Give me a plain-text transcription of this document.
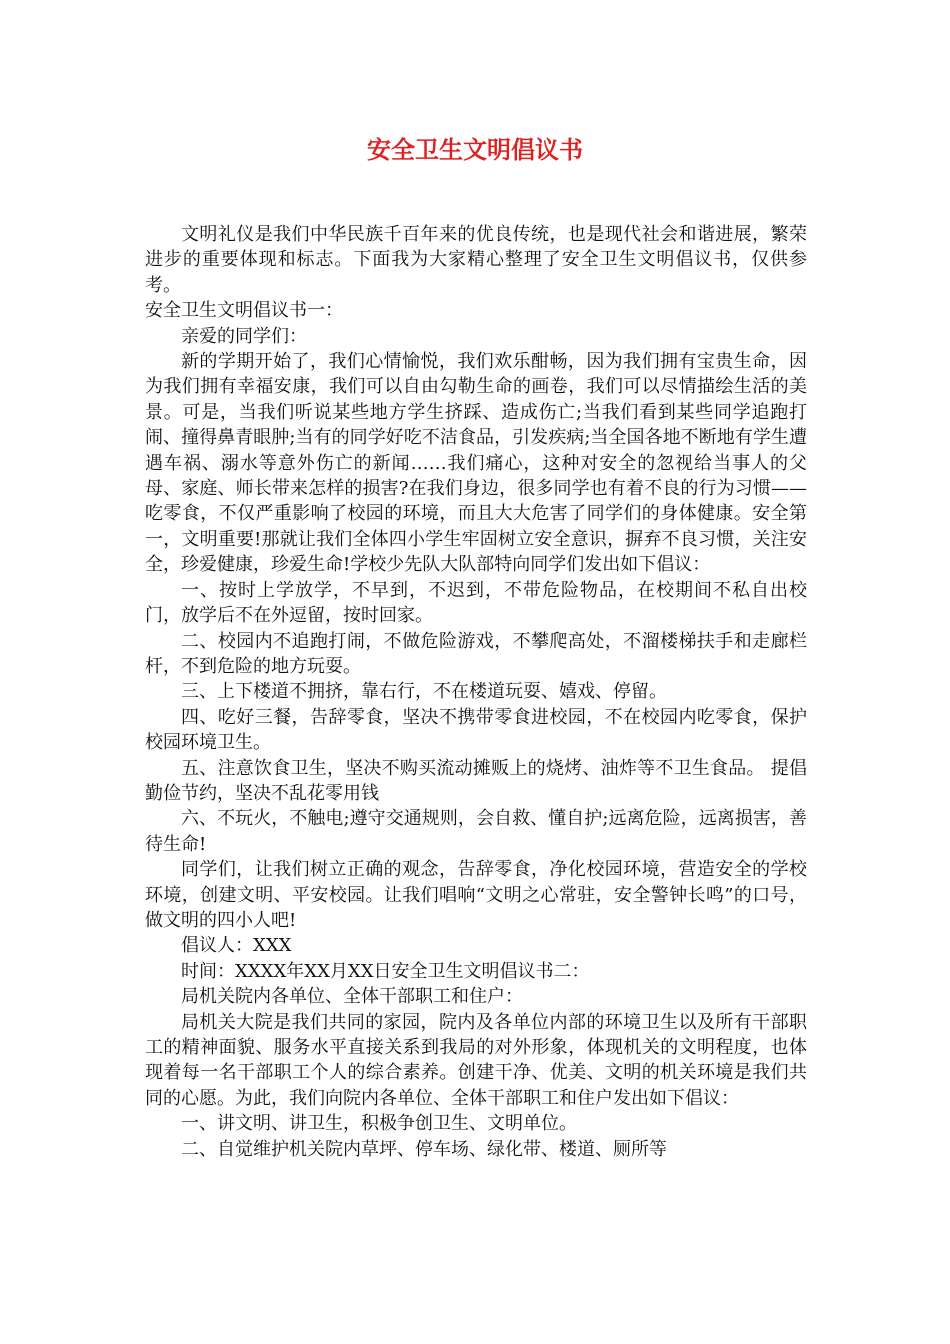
安全卫生文明倡议书

文明礼仪是我们中华民族千百年来的优良传统，也是现代社会和谐进展，繁荣进步的重要体现和标志。下面我为大家精心整理了安全卫生文明倡议书，仅供参考。

安全卫生文明倡议书一：

亲爱的同学们：

新的学期开始了，我们心情愉悦，我们欢乐酣畅，因为我们拥有宝贵生命，因为我们拥有幸福安康，我们可以自由勾勒生命的画卷，我们可以尽情描绘生活的美景。可是，当我们听说某些地方学生挤踩、造成伤亡;当我们看到某些同学追跑打闹、撞得鼻青眼肿;当有的同学好吃不洁食品，引发疾病;当全国各地不断地有学生遭遇车祸、溺水等意外伤亡的新闻……我们痛心，这种对安全的忽视给当事人的父母、家庭、师长带来怎样的损害?在我们身边，很多同学也有着不良的行为习惯——吃零食，不仅严重影响了校园的环境，而且大大危害了同学们的身体健康。安全第一，文明重要!那就让我们全体四小学生牢固树立安全意识，摒弃不良习惯，关注安全，珍爱健康，珍爱生命!学校少先队大队部特向同学们发出如下倡议：

一、按时上学放学，不早到，不迟到，不带危险物品，在校期间不私自出校门，放学后不在外逗留，按时回家。

二、校园内不追跑打闹，不做危险游戏，不攀爬高处，不溜楼梯扶手和走廊栏杆，不到危险的地方玩耍。

三、上下楼道不拥挤，靠右行，不在楼道玩耍、嬉戏、停留。

四、吃好三餐，告辞零食，坚决不携带零食进校园，不在校园内吃零食，保护校园环境卫生。

五、注意饮食卫生，坚决不购买流动摊贩上的烧烤、油炸等不卫生食品。 提倡勤俭节约，坚决不乱花零用钱

六、不玩火，不触电;遵守交通规则，会自救、懂自护;远离危险，远离损害，善待生命!

同学们，让我们树立正确的观念，告辞零食，净化校园环境，营造安全的学校环境，创建文明、平安校园。让我们唱响“文明之心常驻，安全警钟长鸣”的口号，做文明的四小人吧!

倡议人：XXX

时间：XXXX年XX月XX日安全卫生文明倡议书二：

局机关院内各单位、全体干部职工和住户：

局机关大院是我们共同的家园，院内及各单位内部的环境卫生以及所有干部职工的精神面貌、服务水平直接关系到我局的对外形象，体现机关的文明程度，也体现着每一名干部职工个人的综合素养。创建干净、优美、文明的机关环境是我们共同的心愿。为此，我们向院内各单位、全体干部职工和住户发出如下倡议：

一、讲文明、讲卫生，积极争创卫生、文明单位。

二、自觉维护机关院内草坪、停车场、绿化带、楼道、厕所等
